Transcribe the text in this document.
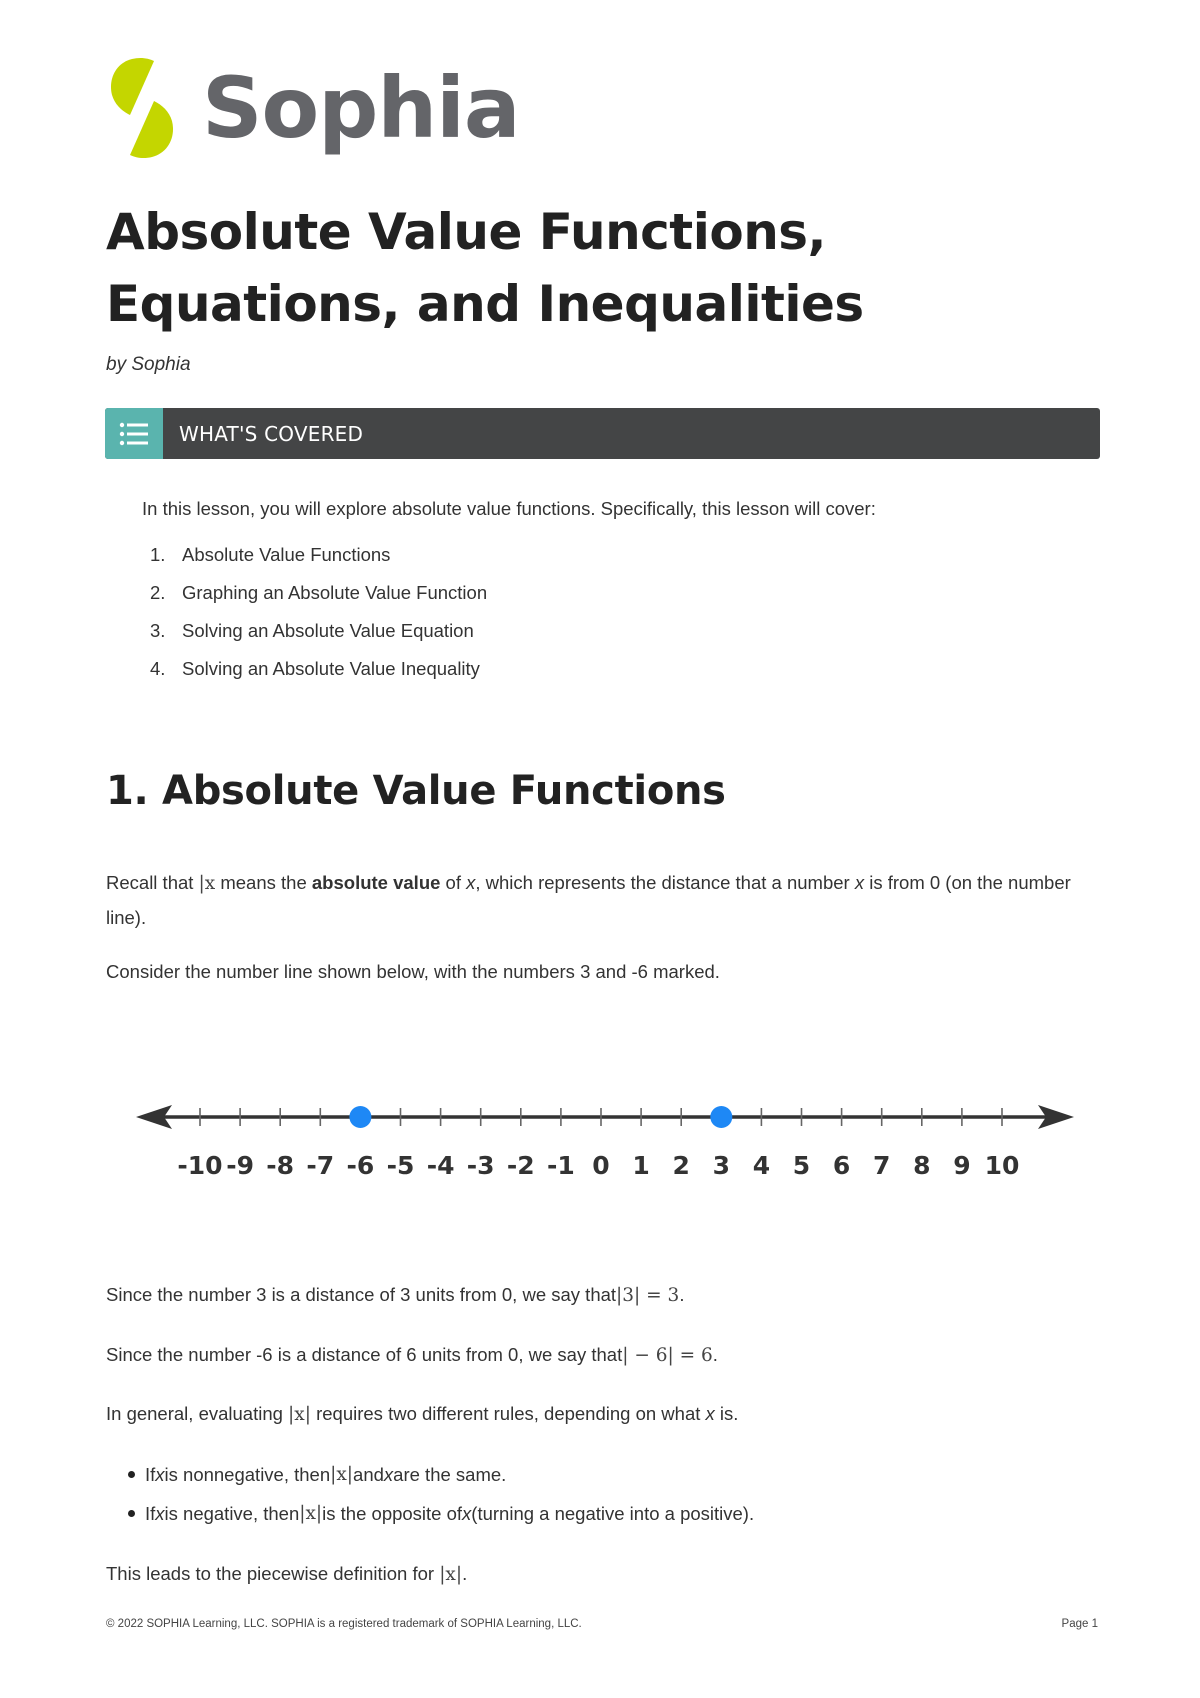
Sophia
Absolute Value Functions, Equations, and Inequalities
by Sophia
WHAT'S COVERED
In this lesson, you will explore absolute value functions. Specifically, this lesson will cover:
1. Absolute Value Functions
2. Graphing an Absolute Value Function
3. Solving an Absolute Value Equation
4. Solving an Absolute Value Inequality
1. Absolute Value Functions

Recall that |x means the absolute value of x, which represents the distance that a number x is from 0 (on the number line).

Consider the number line shown below, with the numbers 3 and -6 marked.

-10 -9 -8 -7 -6 -5 -4 -3 -2 -1 0 1 2 3 4 5 6 7 8 9 10

Since the number 3 is a distance of 3 units from 0, we say that|3| = 3.

Since the number -6 is a distance of 6 units from 0, we say that| − 6| = 6.

In general, evaluating |x| requires two different rules, depending on what x is.

If x is nonnegative, then |x| and x are the same.
If x is negative, then |x| is the opposite of x (turning a negative into a positive).

This leads to the piecewise definition for |x|.

© 2022 SOPHIA Learning, LLC. SOPHIA is a registered trademark of SOPHIA Learning, LLC.	Page 1
